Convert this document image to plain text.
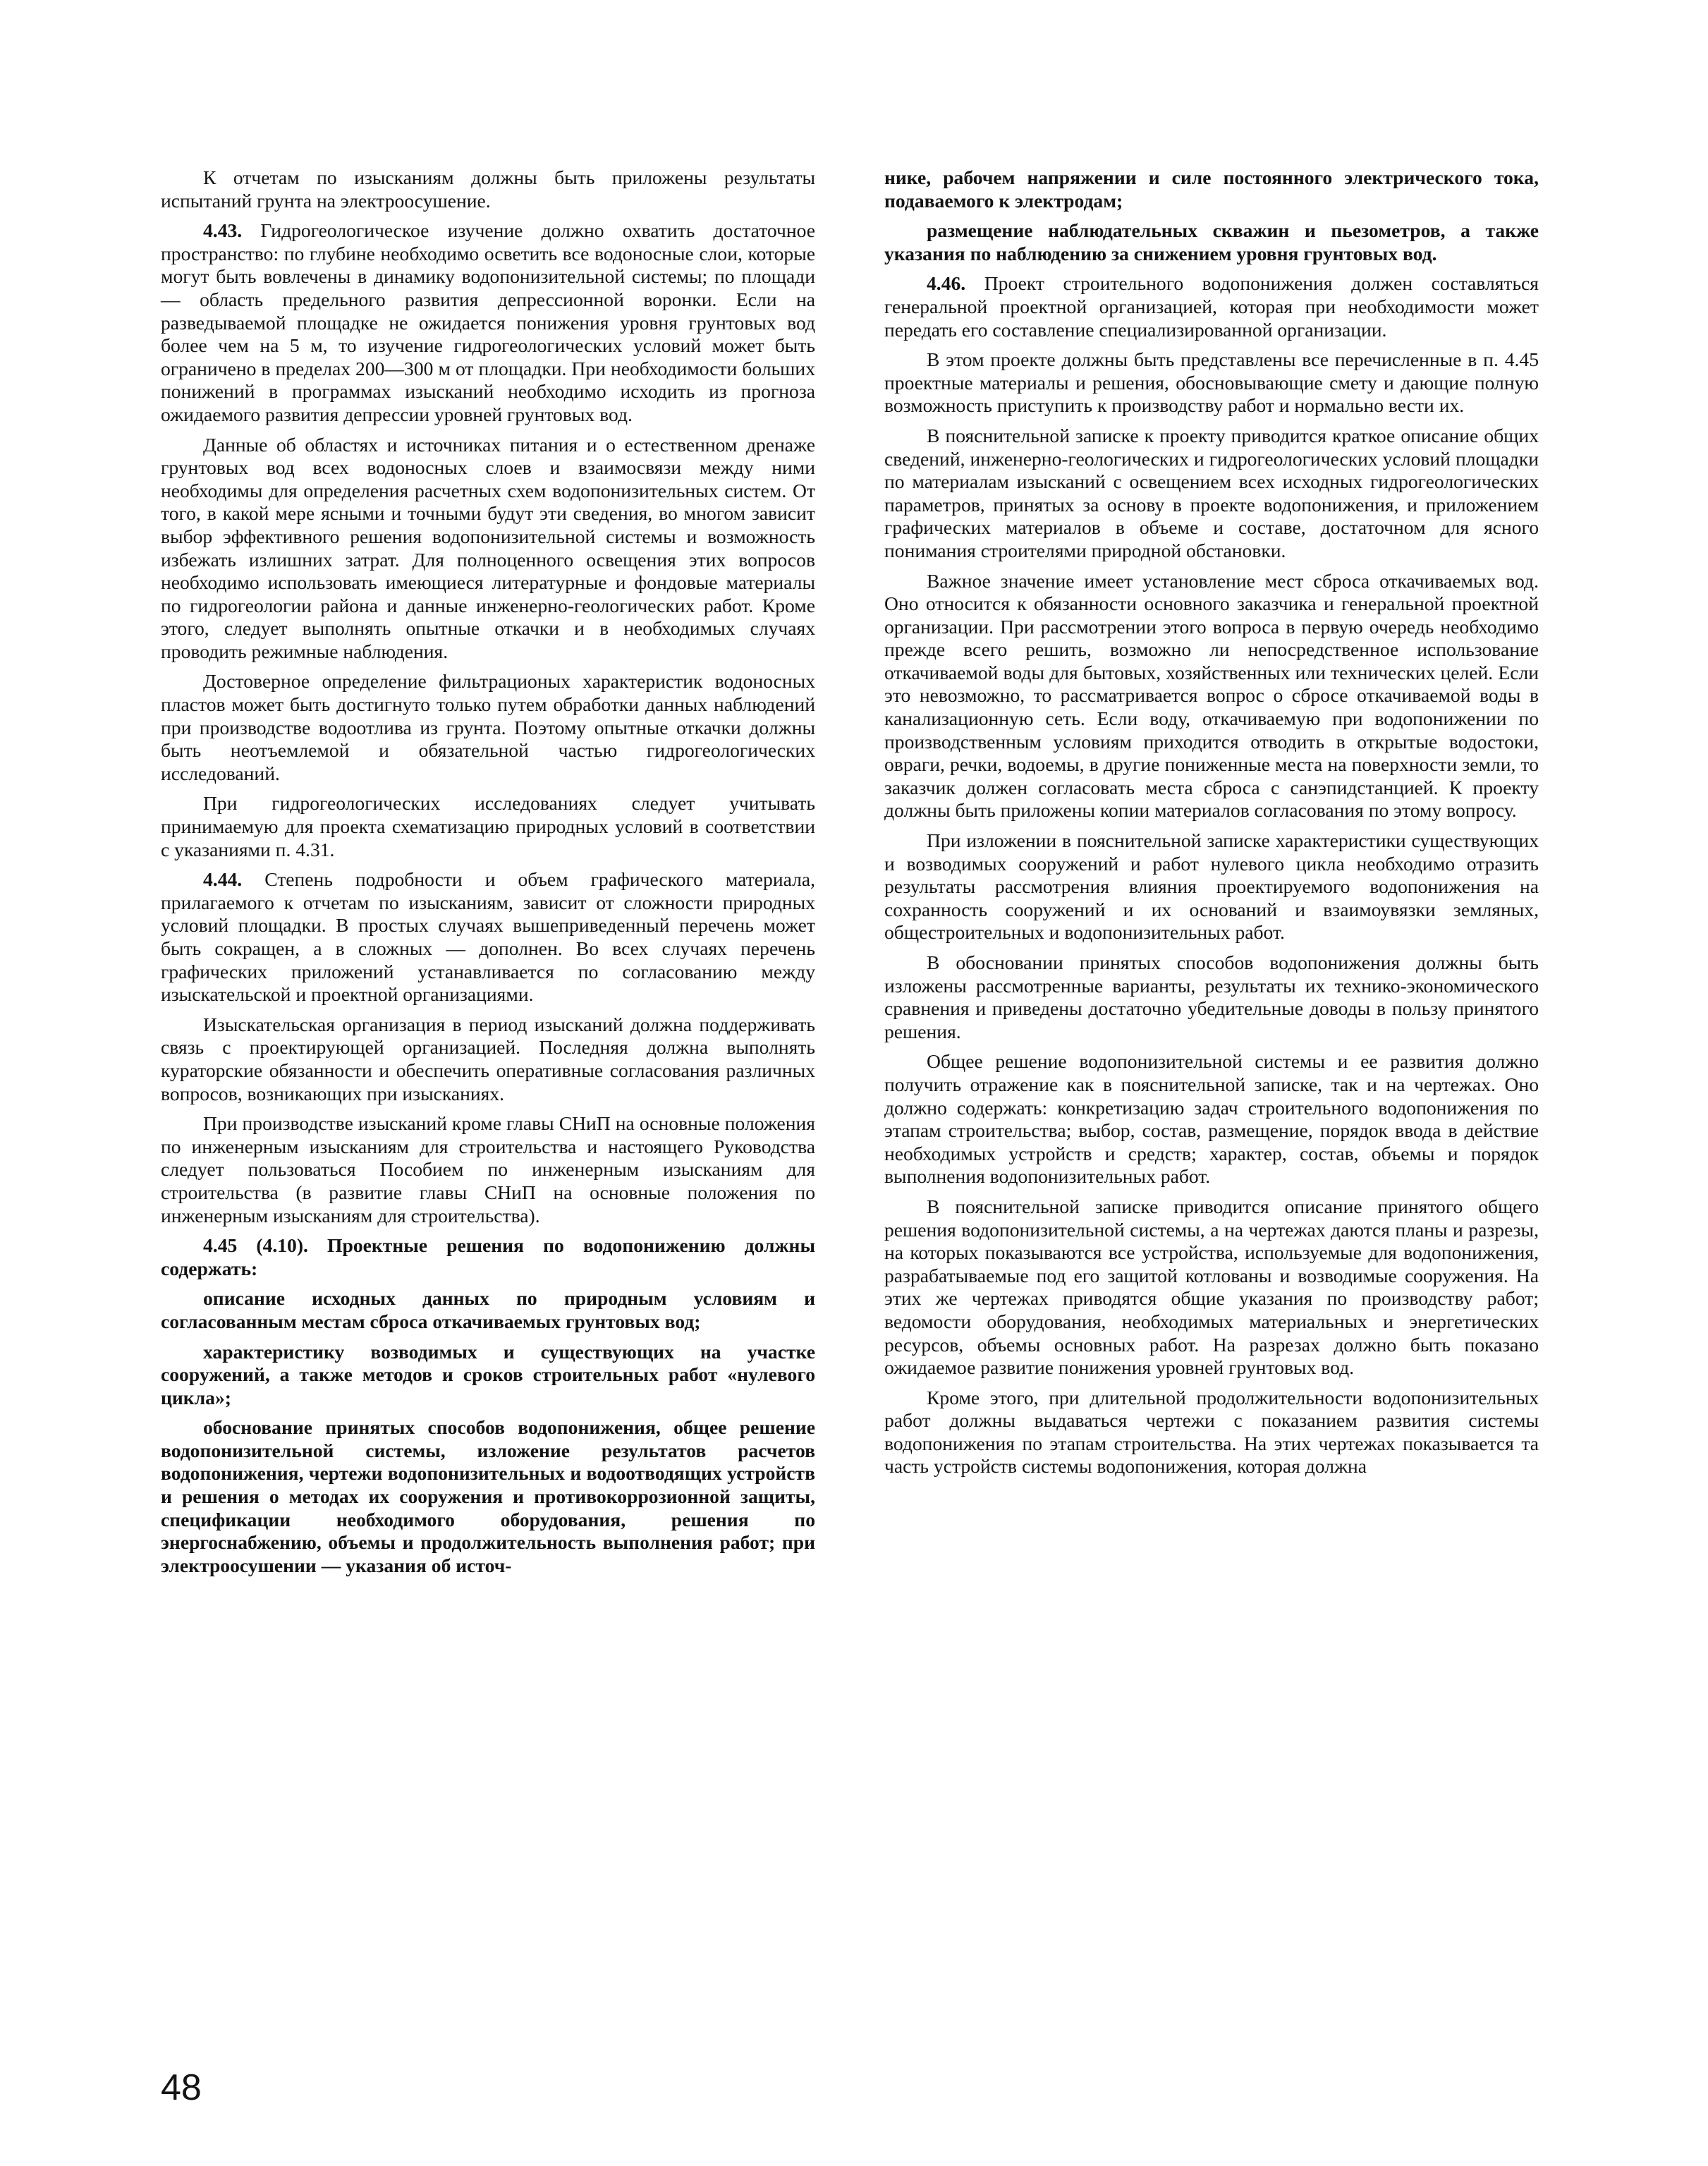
К отчетам по изысканиям должны быть приложены результаты испытаний грунта на электроосушение.

4.43. Гидрогеологическое изучение должно охватить достаточное пространство: по глубине необходимо осветить все водоносные слои, которые могут быть вовлечены в динамику водопонизительной системы; по площади — область предельного развития депрессионной воронки. Если на разведываемой площадке не ожидается понижения уровня грунтовых вод более чем на 5 м, то изучение гидрогеологических условий может быть ограничено в пределах 200—300 м от площадки. При необходимости больших понижений в программах изысканий необходимо исходить из прогноза ожидаемого развития депрессии уровней грунтовых вод.

Данные об областях и источниках питания и о естественном дренаже грунтовых вод всех водоносных слоев и взаимосвязи между ними необходимы для определения расчетных схем водопонизительных систем. От того, в какой мере ясными и точными будут эти сведения, во многом зависит выбор эффективного решения водопонизительной системы и возможность избежать излишних затрат. Для полноценного освещения этих вопросов необходимо использовать имеющиеся литературные и фондовые материалы по гидрогеологии района и данные инженерно-геологических работ. Кроме этого, следует выполнять опытные откачки и в необходимых случаях проводить режимные наблюдения.

Достоверное определение фильтрационых характеристик водоносных пластов может быть достигнуто только путем обработки данных наблюдений при производстве водоотлива из грунта. Поэтому опытные откачки должны быть неотъемлемой и обязательной частью гидрогеологических исследований.

При гидрогеологических исследованиях следует учитывать принимаемую для проекта схематизацию природных условий в соответствии с указаниями п. 4.31.

4.44. Степень подробности и объем графического материала, прилагаемого к отчетам по изысканиям, зависит от сложности природных условий площадки. В простых случаях вышеприведенный перечень может быть сокращен, а в сложных — дополнен. Во всех случаях перечень графических приложений устанавливается по согласованию между изыскательской и проектной организациями.

Изыскательская организация в период изысканий должна поддерживать связь с проектирующей организацией. Последняя должна выполнять кураторские обязанности и обеспечить оперативные согласования различных вопросов, возникающих при изысканиях.

При производстве изысканий кроме главы СНиП на основные положения по инженерным изысканиям для строительства и настоящего Руководства следует пользоваться Пособием по инженерным изысканиям для строительства (в развитие главы СНиП на основные положения по инженерным изысканиям для строительства).

4.45 (4.10). Проектные решения по водопонижению должны содержать:

описание исходных данных по природным условиям и согласованным местам сброса откачиваемых грунтовых вод;

характеристику возводимых и существующих на участке сооружений, а также методов и сроков строительных работ «нулевого цикла»;

обоснование принятых способов водопонижения, общее решение водопонизительной системы, изложение результатов расчетов водопонижения, чертежи водопонизительных и водоотводящих устройств и решения о методах их сооружения и противокоррозионной защиты, спецификации необходимого оборудования, решения по энергоснабжению, объемы и продолжительность выполнения работ; при электроосушении — указания об источ-

нике, рабочем напряжении и силе постоянного электрического тока, подаваемого к электродам;

размещение наблюдательных скважин и пьезометров, а также указания по наблюдению за снижением уровня грунтовых вод.

4.46. Проект строительного водопонижения должен составляться генеральной проектной организацией, которая при необходимости может передать его составление специализированной организации.

В этом проекте должны быть представлены все перечисленные в п. 4.45 проектные материалы и решения, обосновывающие смету и дающие полную возможность приступить к производству работ и нормально вести их.

В пояснительной записке к проекту приводится краткое описание общих сведений, инженерно-геологических и гидрогеологических условий площадки по материалам изысканий с освещением всех исходных гидрогеологических параметров, принятых за основу в проекте водопонижения, и приложением графических материалов в объеме и составе, достаточном для ясного понимания строителями природной обстановки.

Важное значение имеет установление мест сброса откачиваемых вод. Оно относится к обязанности основного заказчика и генеральной проектной организации. При рассмотрении этого вопроса в первую очередь необходимо прежде всего решить, возможно ли непосредственное использование откачиваемой воды для бытовых, хозяйственных или технических целей. Если это невозможно, то рассматривается вопрос о сбросе откачиваемой воды в канализационную сеть. Если воду, откачиваемую при водопонижении по производственным условиям приходится отводить в открытые водостоки, овраги, речки, водоемы, в другие пониженные места на поверхности земли, то заказчик должен согласовать места сброса с санэпидстанцией. К проекту должны быть приложены копии материалов согласования по этому вопросу.

При изложении в пояснительной записке характеристики существующих и возводимых сооружений и работ нулевого цикла необходимо отразить результаты рассмотрения влияния проектируемого водопонижения на сохранность сооружений и их оснований и взаимоувязки земляных, общестроительных и водопонизительных работ.

В обосновании принятых способов водопонижения должны быть изложены рассмотренные варианты, результаты их технико-экономического сравнения и приведены достаточно убедительные доводы в пользу принятого решения.

Общее решение водопонизительной системы и ее развития должно получить отражение как в пояснительной записке, так и на чертежах. Оно должно содержать: конкретизацию задач строительного водопонижения по этапам строительства; выбор, состав, размещение, порядок ввода в действие необходимых устройств и средств; характер, состав, объемы и порядок выполнения водопонизительных работ.

В пояснительной записке приводится описание принятого общего решения водопонизительной системы, а на чертежах даются планы и разрезы, на которых показываются все устройства, используемые для водопонижения, разрабатываемые под его защитой котлованы и возводимые сооружения. На этих же чертежах приводятся общие указания по производству работ; ведомости оборудования, необходимых материальных и энергетических ресурсов, объемы основных работ. На разрезах должно быть показано ожидаемое развитие понижения уровней грунтовых вод.

Кроме этого, при длительной продолжительности водопонизительных работ должны выдаваться чертежи с показанием развития системы водопонижения по этапам строительства. На этих чертежах показывается та часть устройств системы водопонижения, которая должна

48
